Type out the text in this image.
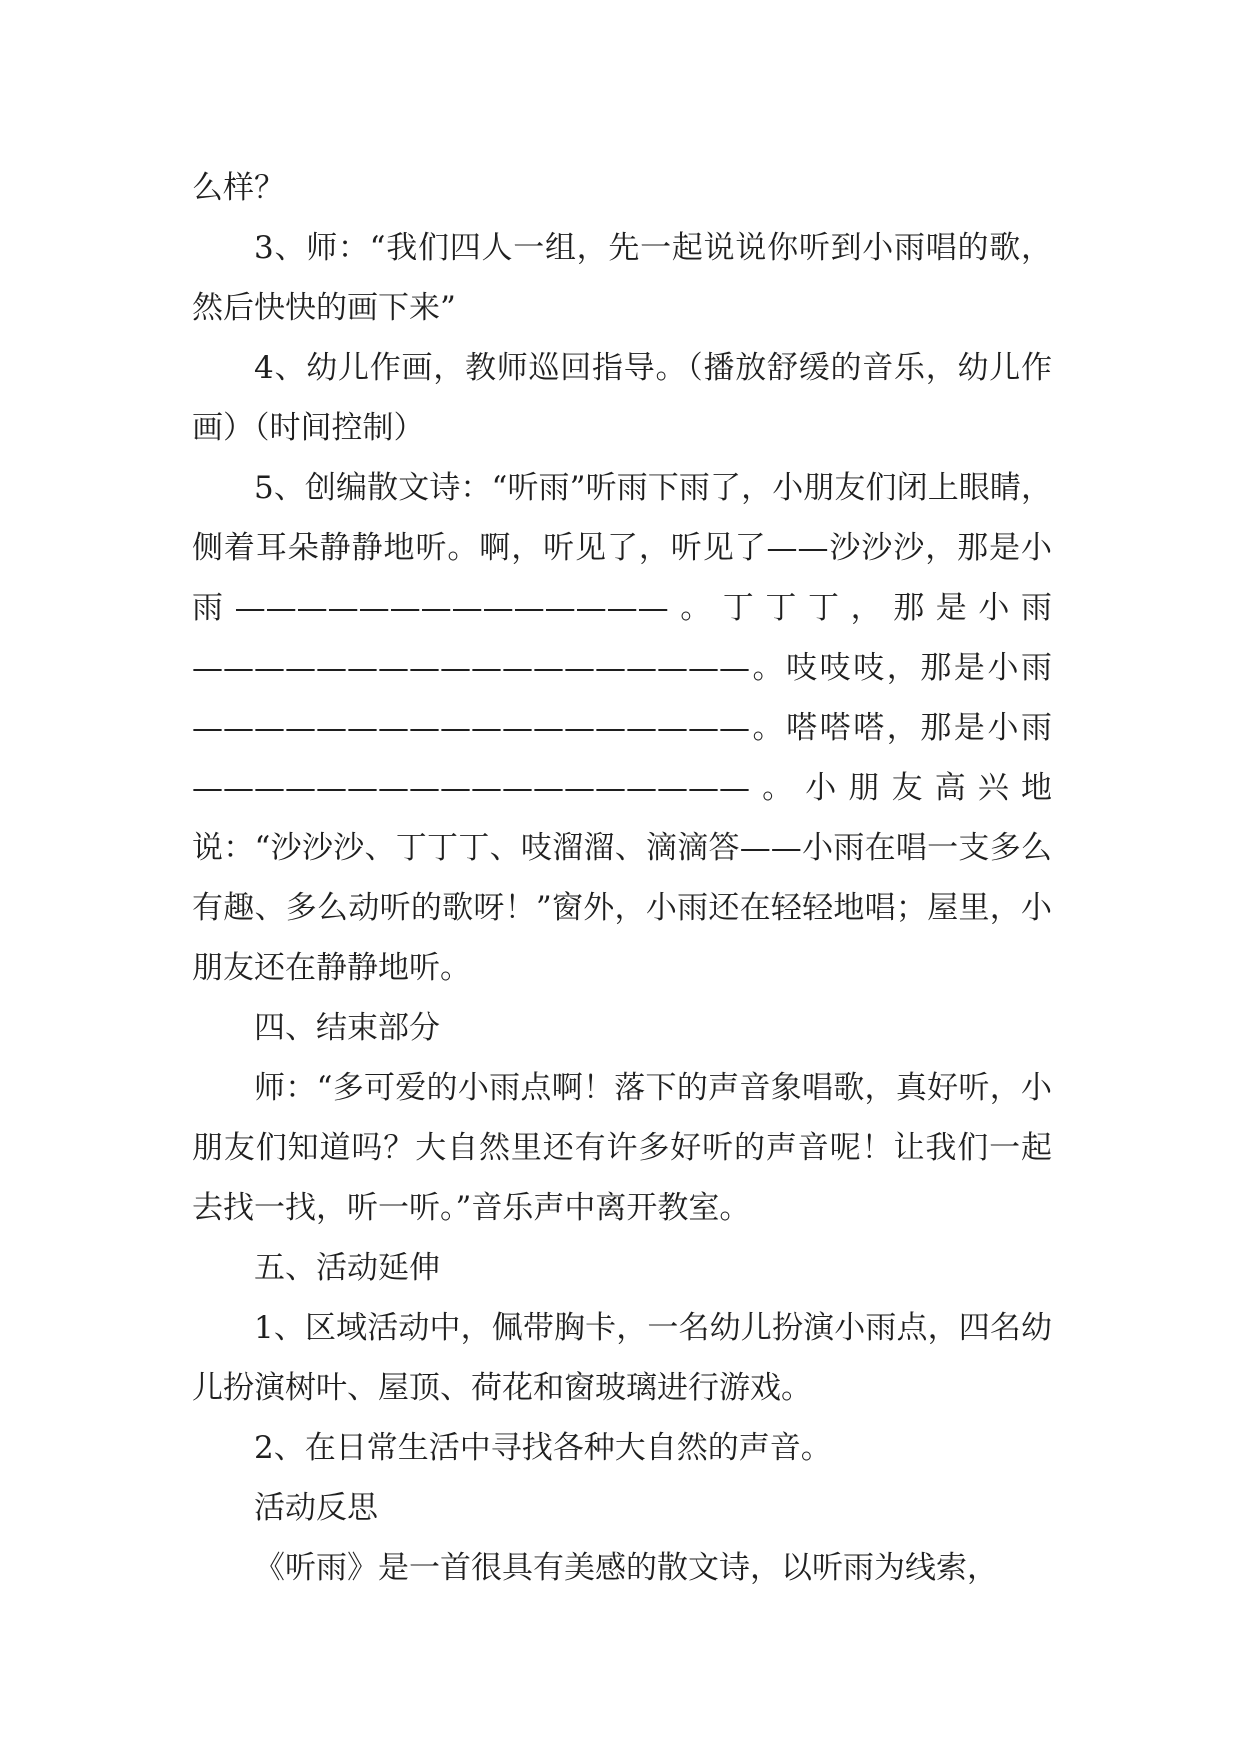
么样？

3、师：“我们四人一组，先一起说说你听到小雨唱的歌，然后快快的画下来”

4、幼儿作画，教师巡回指导。（播放舒缓的音乐，幼儿作画）（时间控制）

5、创编散文诗：“听雨”听雨下雨了，小朋友们闭上眼睛，侧着耳朵静静地听。啊，听见了，听见了——沙沙沙，那是小雨——————————————。丁丁丁，那是小雨——————————————————。吱吱吱，那是小雨——————————————————。嗒嗒嗒，那是小雨——————————————————。小朋友高兴地说：“沙沙沙、丁丁丁、吱溜溜、滴滴答——小雨在唱一支多么有趣、多么动听的歌呀！”窗外，小雨还在轻轻地唱；屋里，小朋友还在静静地听。

四、结束部分

师：“多可爱的小雨点啊！落下的声音象唱歌，真好听，小朋友们知道吗？大自然里还有许多好听的声音呢！让我们一起去找一找，听一听。”音乐声中离开教室。

五、活动延伸

1、区域活动中，佩带胸卡，一名幼儿扮演小雨点，四名幼儿扮演树叶、屋顶、荷花和窗玻璃进行游戏。

2、在日常生活中寻找各种大自然的声音。

活动反思

《听雨》是一首很具有美感的散文诗，以听雨为线索，
